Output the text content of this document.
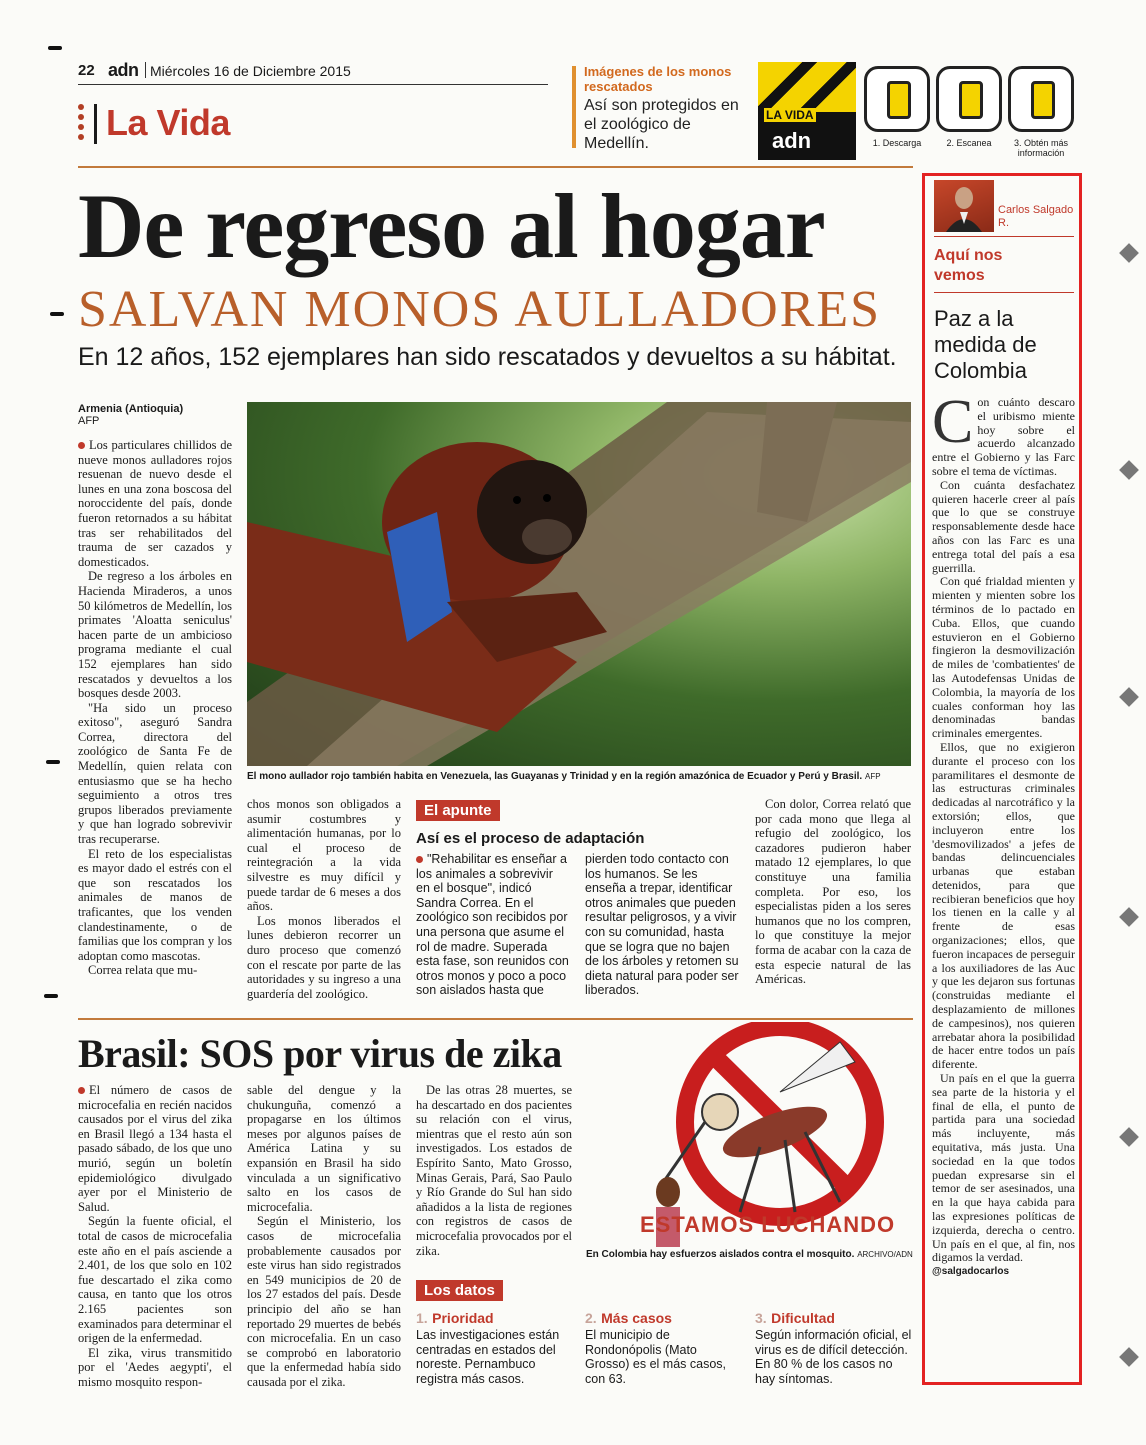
22 adn Miércoles 16 de Diciembre 2015
La Vida
Imágenes de los monos rescatados
Así son protegidos en el zoológico de Medellín.
LA VIDA
adn	1. Descarga	2. Escanea	3. Obtén más información
De regreso al hogar
SALVAN MONOS AULLADORES
En 12 años, 152 ejemplares han sido rescatados y devueltos a su hábitat.
Armenia (Antioquia)
AFP

Los particulares chillidos de nueve monos aulladores rojos resuenan de nuevo desde el lunes en una zona boscosa del noroccidente del país, donde fueron retornados a su hábitat tras ser rehabilitados del trauma de ser cazados y domesticados.

De regreso a los árboles en Hacienda Miraderos, a unos 50 kilómetros de Medellín, los primates 'Aloatta seniculus' hacen parte de un ambicioso programa mediante el cual 152 ejemplares han sido rescatados y devueltos a los bosques desde 2003.

"Ha sido un proceso exitoso", aseguró Sandra Correa, directora del zoológico de Santa Fe de Medellín, quien relata con entusiasmo que se ha hecho seguimiento a otros tres grupos liberados previamente y que han logrado sobrevivir tras recuperarse.

El reto de los especialistas es mayor dado el estrés con el que son rescatados los animales de manos de traficantes, que los venden clandestinamente, o de familias que los compran y los adoptan como mascotas.

Correa relata que mu-

El mono aullador rojo también habita en Venezuela, las Guayanas y Trinidad y en la región amazónica de Ecuador y Perú y Brasil. AFP

chos monos son obligados a asumir costumbres y alimentación humanas, por lo cual el proceso de reintegración a la vida silvestre es muy difícil y puede tardar de 6 meses a dos años.

Los monos liberados el lunes debieron recorrer un duro proceso que comenzó con el rescate por parte de las autoridades y su ingreso a una guardería del zoológico.

El apunte
Así es el proceso de adaptación
"Rehabilitar es enseñar a los animales a sobrevivir en el bosque", indicó Sandra Correa. En el zoológico son recibidos por una persona que asume el rol de madre. Superada esta fase, son reunidos con otros monos y poco a poco son aislados hasta que
pierden todo contacto con los humanos. Se les enseña a trepar, identificar otros animales que pueden resultar peligrosos, y a vivir con su comunidad, hasta que se logra que no bajen de los árboles y retomen su dieta natural para poder ser liberados.

Con dolor, Correa relató que por cada mono que llega al refugio del zoológico, los cazadores pudieron haber matado 12 ejemplares, lo que constituye una familia completa. Por eso, los especialistas piden a los seres humanos que no los compren, lo que constituye la mejor forma de acabar con la caza de esta especie natural de las Américas.

Brasil: SOS por virus de zika

El número de casos de microcefalia en recién nacidos causados por el virus del zika en Brasil llegó a 134 hasta el pasado sábado, de los que uno murió, según un boletín epidemiológico divulgado ayer por el Ministerio de Salud.

Según la fuente oficial, el total de casos de microcefalia este año en el país asciende a 2.401, de los que solo en 102 fue descartado el zika como causa, en tanto que los otros 2.165 pacientes son examinados para determinar el origen de la enfermedad.

El zika, virus transmitido por el 'Aedes aegypti', el mismo mosquito respon-

sable del dengue y la chukunguña, comenzó a propagarse en los últimos meses por algunos países de América Latina y su expansión en Brasil ha sido vinculada a un significativo salto en los casos de microcefalia.

Según el Ministerio, los casos de microcefalia probablemente causados por este virus han sido registrados en 549 municipios de 20 de los 27 estados del país. Desde principio del año se han reportado 29 muertes de bebés con microcefalia. En un caso se comprobó en laboratorio que la enfermedad había sido causada por el zika.

De las otras 28 muertes, se ha descartado en dos pacientes su relación con el virus, mientras que el resto aún son investigados. Los estados de Espírito Santo, Mato Grosso, Minas Gerais, Pará, Sao Paulo y Río Grande do Sul han sido añadidos a la lista de regiones con registros de casos de microcefalia provocados por el zika.

ESTAMOS LUCHANDO
En Colombia hay esfuerzos aislados contra el mosquito. ARCHIVO/ADN
Los datos
1. Prioridad
Las investigaciones están centradas en estados del noreste. Pernambuco registra más casos.
2. Más casos
El municipio de Rondonópolis (Mato Grosso) es el más casos, con 63.
3. Dificultad
Según información oficial, el virus es de difícil detección. En 80 % de los casos no hay síntomas.
Carlos Salgado R.
Aquí nos vemos
Paz a la medida de Colombia

Con cuánto descaro el uribismo miente hoy sobre el acuerdo alcanzado entre el Gobierno y las Farc sobre el tema de víctimas.

Con cuánta desfachatez quieren hacerle creer al país que lo que se construye responsablemente desde hace años con las Farc es una entrega total del país a esa guerrilla.

Con qué frialdad mienten y mienten y mienten sobre los términos de lo pactado en Cuba. Ellos, que cuando estuvieron en el Gobierno fingieron la desmovilización de miles de 'combatientes' de las Autodefensas Unidas de Colombia, la mayoría de los cuales conforman hoy las denominadas bandas criminales emergentes.

Ellos, que no exigieron durante el proceso con los paramilitares el desmonte de las estructuras criminales dedicadas al narcotráfico y la extorsión; ellos, que incluyeron entre los 'desmovilizados' a jefes de bandas delincuenciales urbanas que estaban detenidos, para que recibieran beneficios que hoy los tienen en la calle y al frente de esas organizaciones; ellos, que fueron incapaces de perseguir a los auxiliadores de las Auc y que les dejaron sus fortunas (construidas mediante el desplazamiento de millones de campesinos), nos quieren arrebatar ahora la posibilidad de hacer entre todos un país diferente.

Un país en el que la guerra sea parte de la historia y el final de ella, el punto de partida para una sociedad más incluyente, más equitativa, más justa. Una sociedad en la que todos puedan expresarse sin el temor de ser asesinados, una en la que haya cabida para las expresiones políticas de izquierda, derecha o centro. Un país en el que, al fin, nos digamos la verdad.

@salgadocarlos
